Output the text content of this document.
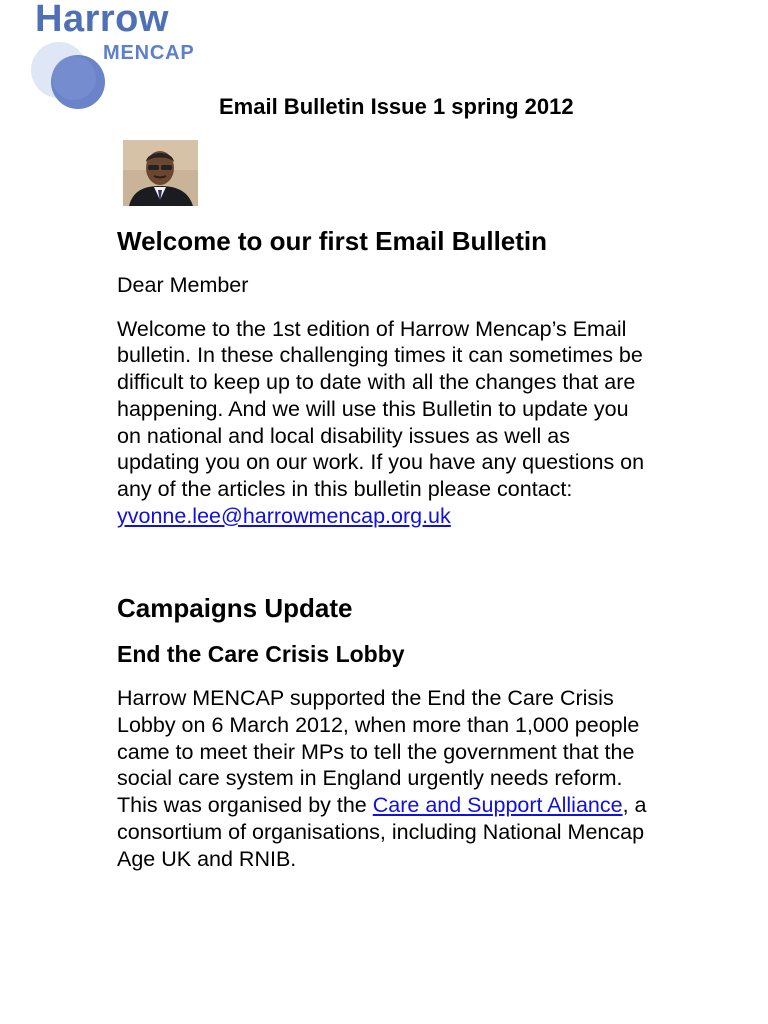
Harrow
MENCAP
Email Bulletin Issue 1 spring 2012
Welcome to our first Email Bulletin

Dear Member

Welcome to the 1st edition of Harrow Mencap’s Email bulletin. In these challenging times it can sometimes be difficult to keep up to date with all the changes that are happening. And we will use this Bulletin to update you on national and local disability issues as well as updating you on our work. If you have any questions on any of the articles in this bulletin please contact:
yvonne.lee@harrowmencap.org.uk

Campaigns Update
End the Care Crisis Lobby

Harrow MENCAP supported the End the Care Crisis Lobby on 6 March 2012, when more than 1,000 people came to meet their MPs to tell the government that the social care system in England urgently needs reform. This was organised by the Care and Support Alliance, a consortium of organisations, including National Mencap Age UK and RNIB.
